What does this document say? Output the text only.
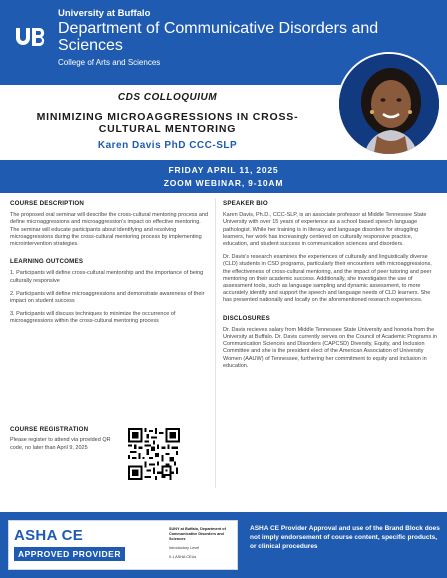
University at Buffalo
Department of Communicative Disorders and Sciences
College of Arts and Sciences
CDS COLLOQUIUM
MINIMIZING MICROAGGRESSIONS IN CROSS-CULTURAL MENTORING
Karen Davis PhD CCC-SLP
FRIDAY APRIL 11, 2025
ZOOM WEBINAR, 9-10AM
COURSE DESCRIPTION
The proposed oral seminar will describe the cross-cultural mentoring process and define microaggressions and microaggression's impact on effective mentoring. The seminar will educate participants about identifying and resolving microaggressions during the cross-cultural mentoring process by implementing microintervention strategies.
LEARNING OUTCOMES
1. Participants will define cross-cultural mentorship and the importance of being culturally responsive
2. Participants will define microaggressions and demonstrate awareness of their impact on student success
3. Participants will discuss techniques to minimize the occurrence of microaggressions within the cross-cultural mentoring process
COURSE REGISTRATION
Please register to attend via provided QR code, no later than April 9, 2025
SPEAKER BIO
Karen Davis, Ph.D., CCC-SLP, is an associate professor at Middle Tennessee State University with over 15 years of experience as a school based speech language pathologist. While her training is in literacy and language disorders for struggling learners, her work has increasingly centered on culturally responsive practice, education, and student success in communication sciences and disorders.
Dr. Davis's research examines the experiences of culturally and linguistically diverse (CLD) students in CSD programs, particularly their encounters with microaggressions, the effectiveness of cross-cultural mentoring, and the impact of peer tutoring and peer mentoring on their academic success. Additionally, she investigates the use of assessment tools, such as language sampling and dynamic assessment, to more accurately identify and support the speech and language needs of CLD learners. She has presented nationally and locally on the aforementioned research experiences.
DISCLOSURES
Dr. Davis recieves salary from Middle Tennessee State University and honoria from the University at Buffalo. Dr. Davis currently serves on the Council of Academic Programs in Communication Sciences and Disorders (CAPCSD) Diversity, Equity, and Inclusion Committee and she is the president elect of the American Association of University Women (AAUW) of Tennessee, furthering her commitment to equity and inclusion in education.
ASHA CE
APPROVED PROVIDER
SUNY at Buffalo, Department of Communicative Disorders and Sciences
Introductory Level
0.1 ASHA CEUs
ASHA CE Provider Approval and use of the Brand Block does not imply endorsement of course content, specific products, or clinical procedures
